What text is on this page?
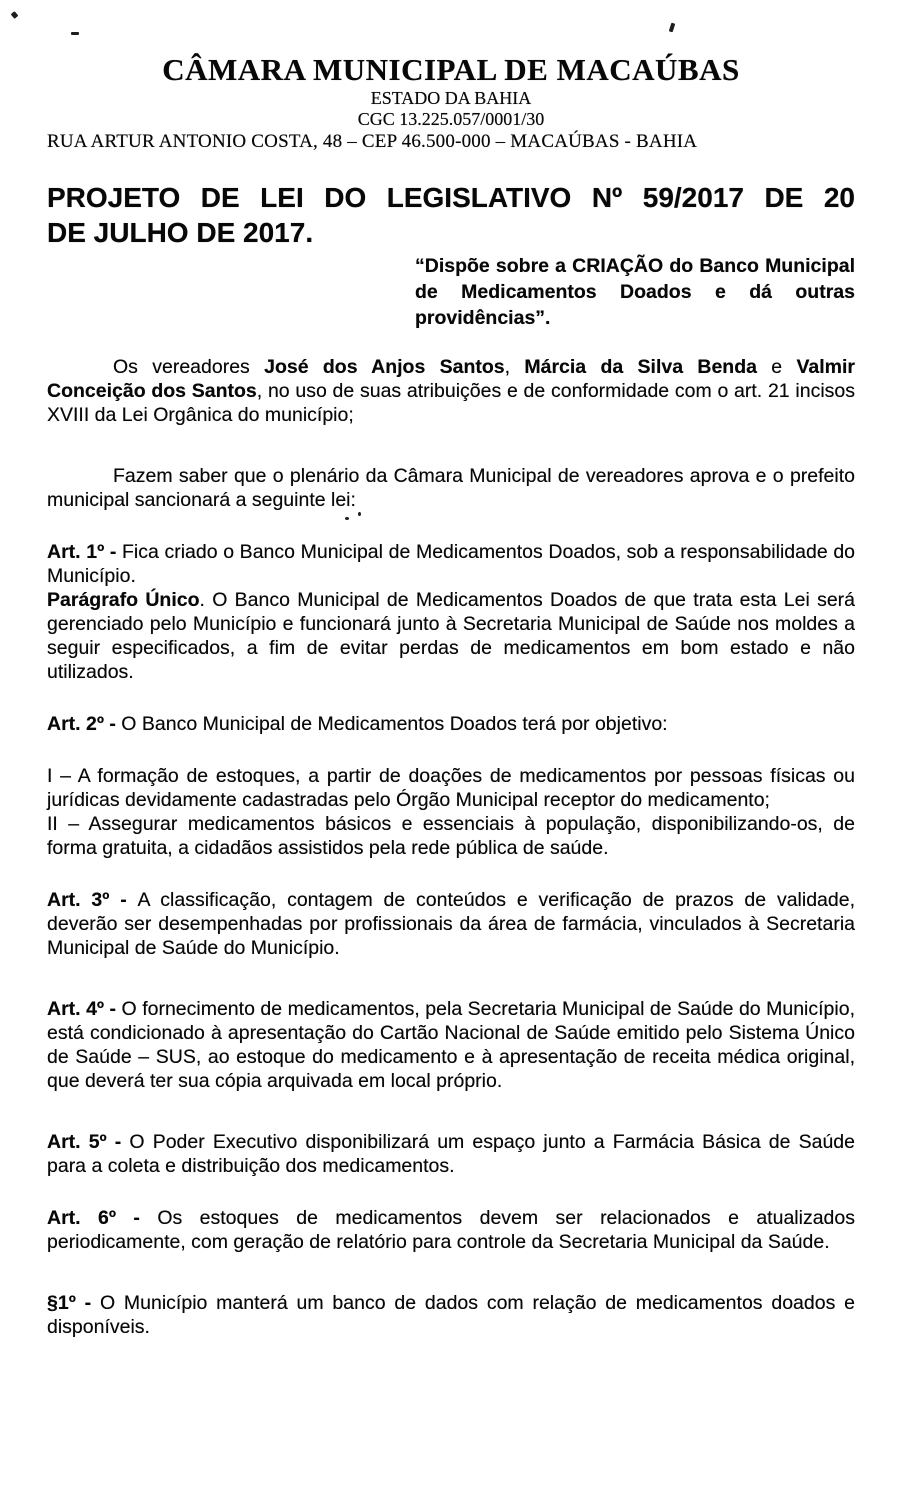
CÂMARA MUNICIPAL DE MACAÚBAS
ESTADO DA BAHIA
CGC 13.225.057/0001/30
RUA ARTUR ANTONIO COSTA, 48 – CEP 46.500-000 – MACAÚBAS - BAHIA
PROJETO DE LEI DO LEGISLATIVO Nº 59/2017 DE 20
DE JULHO DE 2017.
“Dispõe sobre a CRIAÇÃO do Banco Municipal de Medicamentos Doados e dá outras providências”.

Os vereadores José dos Anjos Santos, Márcia da Silva Benda e Valmir Conceição dos Santos, no uso de suas atribuições e de conformidade com o art. 21 incisos XVIII da Lei Orgânica do município;

Fazem saber que o plenário da Câmara Municipal de vereadores aprova e o prefeito municipal sancionará a seguinte lei:

Art. 1º - Fica criado o Banco Municipal de Medicamentos Doados, sob a responsabilidade do Município.

Parágrafo Único. O Banco Municipal de Medicamentos Doados de que trata esta Lei será gerenciado pelo Município e funcionará junto à Secretaria Municipal de Saúde nos moldes a seguir especificados, a fim de evitar perdas de medicamentos em bom estado e não utilizados.

Art. 2º - O Banco Municipal de Medicamentos Doados terá por objetivo:

I – A formação de estoques, a partir de doações de medicamentos por pessoas físicas ou jurídicas devidamente cadastradas pelo Órgão Municipal receptor do medicamento;

II – Assegurar medicamentos básicos e essenciais à população, disponibilizando-os, de forma gratuita, a cidadãos assistidos pela rede pública de saúde.

Art. 3º - A classificação, contagem de conteúdos e verificação de prazos de validade, deverão ser desempenhadas por profissionais da área de farmácia, vinculados à Secretaria Municipal de Saúde do Município.

Art. 4º - O fornecimento de medicamentos, pela Secretaria Municipal de Saúde do Município, está condicionado à apresentação do Cartão Nacional de Saúde emitido pelo Sistema Único de Saúde – SUS, ao estoque do medicamento e à apresentação de receita médica original, que deverá ter sua cópia arquivada em local próprio.

Art. 5º - O Poder Executivo disponibilizará um espaço junto a Farmácia Básica de Saúde para a coleta e distribuição dos medicamentos.

Art. 6º - Os estoques de medicamentos devem ser relacionados e atualizados periodicamente, com geração de relatório para controle da Secretaria Municipal da Saúde.

§1º - O Município manterá um banco de dados com relação de medicamentos doados e disponíveis.
